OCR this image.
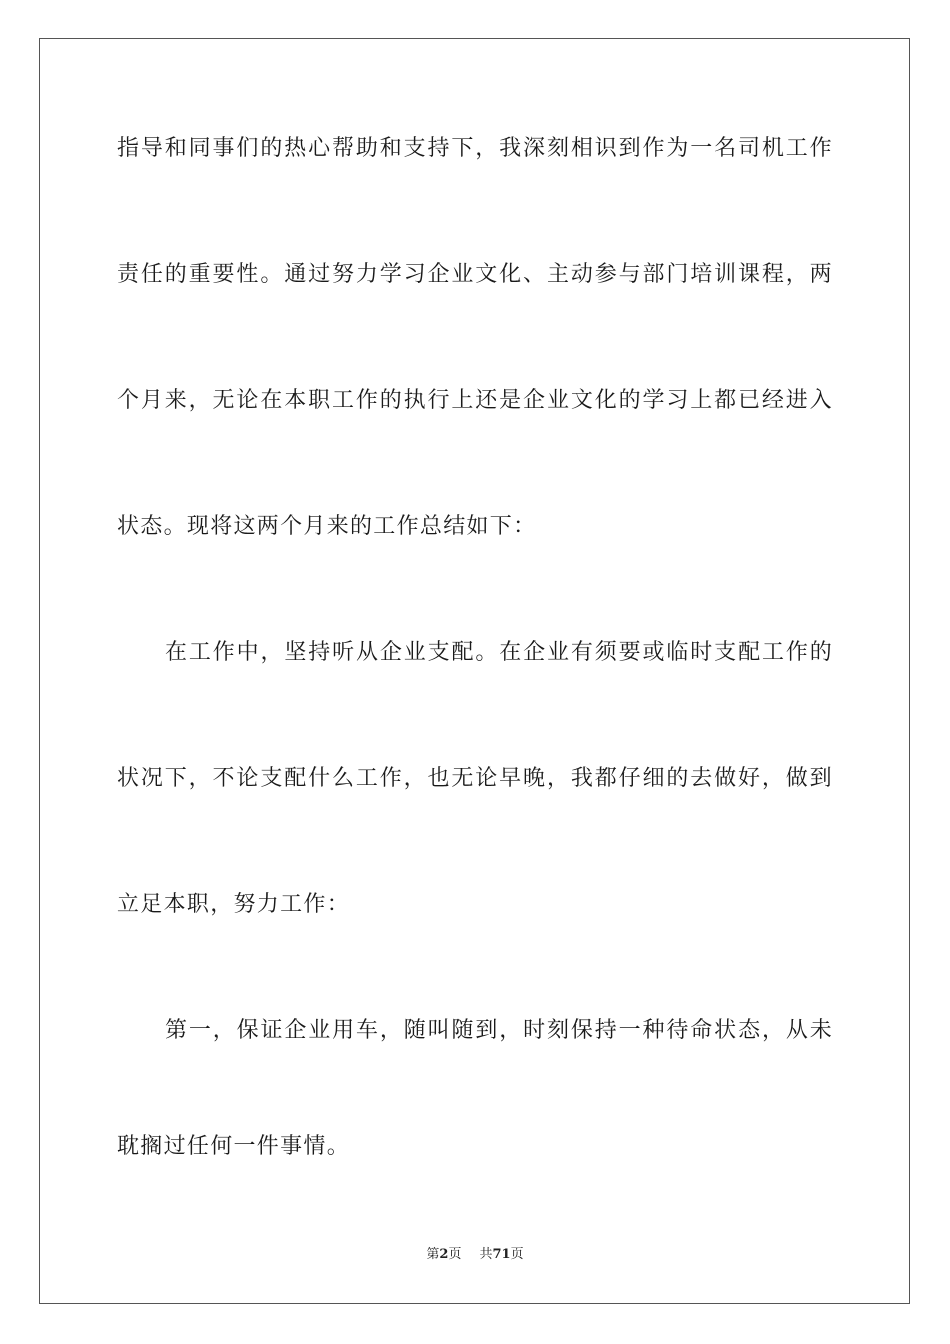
指导和同事们的热心帮助和支持下，我深刻相识到作为一名司机工作
责任的重要性。通过努力学习企业文化、主动参与部门培训课程，两
个月来，无论在本职工作的执行上还是企业文化的学习上都已经进入
状态。现将这两个月来的工作总结如下：
在工作中，坚持听从企业支配。在企业有须要或临时支配工作的
状况下，不论支配什么工作，也无论早晚，我都仔细的去做好，做到
立足本职，努力工作：
第一，保证企业用车，随叫随到，时刻保持一种待命状态，从未
耽搁过任何一件事情。
第2页 共71页
